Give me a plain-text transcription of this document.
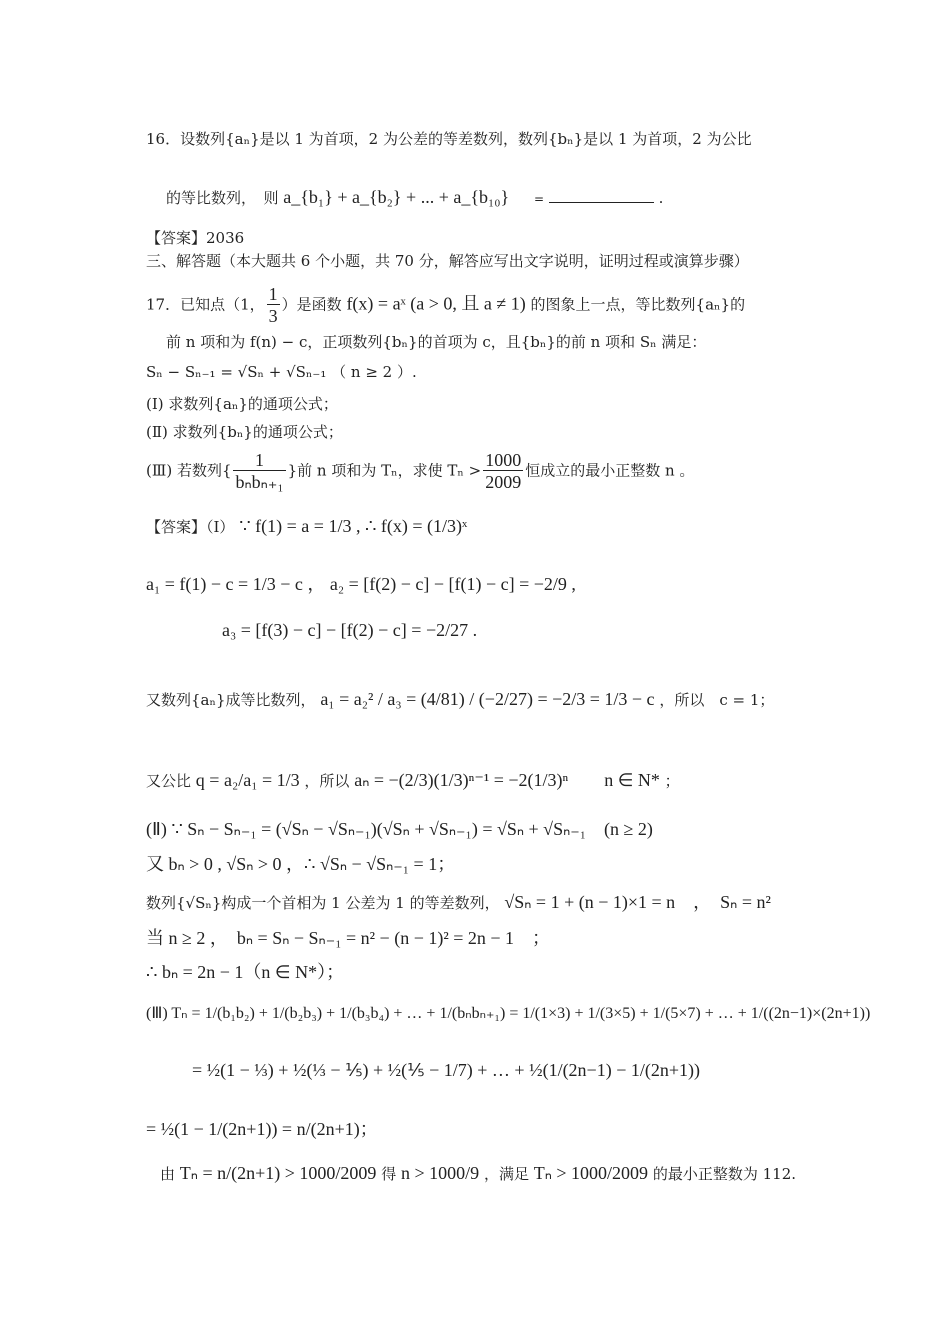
16．设数列{aₙ}是以 1 为首项，2 为公差的等差数列，数列{bₙ}是以 1 为首项，2 为公比
的等比数列，　则 a_{b₁} + a_{b₂} + ... + a_{b₁₀} =	.
【答案】2036
三、解答题（本大题共 6 个小题，共 70 分，解答应写出文字说明，证明过程或演算步骤）
17．已知点（1， $\frac{1}{3}$ ）是函数 f(x) = aˣ (a > 0, 且 a ≠ 1) 的图象上一点，等比数列{aₙ}的
前 n 项和为 f(n) − c，正项数列{bₙ}的首项为 c，且{bₙ}的前 n 项和 Sₙ 满足：
Sₙ − Sₙ₋₁ = √Sₙ + √Sₙ₋₁ （ n ≥ 2 ）.
(Ⅰ) 求数列{aₙ}的通项公式；
(Ⅱ) 求数列{bₙ}的通项公式；
(Ⅲ) 若数列{ $\frac{1}{\text{bₙbₙ₊₁}}$ }前 n 项和为 Tₙ，求使 $T_n > \frac{1000}{2009}$ 恒成立的最小正整数 n 。
【答案】（Ⅰ） ∵ f(1) = a = 1/3 , ∴ f(x) = (1/3)ˣ
a₁ = f(1) − c = 1/3 − c ， a₂ = [f(2) − c] − [f(1) − c] = −2/9 ,
a₃ = [f(3) − c] − [f(2) − c] = −2/27 .
又数列{aₙ}成等比数列， a₁ = a₂² / a₃ = (4/81) / (−2/27) = −2/3 = 1/3 − c ，所以　c = 1；
又公比 q = a₂/a₁ = 1/3 ，所以 aₙ = −(2/3)(1/3)ⁿ⁻¹ = −2(1/3)ⁿ　　n ∈ N* ；
(Ⅱ) ∵ Sₙ − Sₙ₋₁ = (√Sₙ − √Sₙ₋₁)(√Sₙ + √Sₙ₋₁) = √Sₙ + √Sₙ₋₁　(n ≥ 2)
又 bₙ > 0 , √Sₙ > 0 ，∴ √Sₙ − √Sₙ₋₁ = 1；
数列{√Sₙ}构成一个首相为 1 公差为 1 的等差数列， √Sₙ = 1 + (n − 1)×1 = n　，　Sₙ = n²
当 n ≥ 2 ，　bₙ = Sₙ − Sₙ₋₁ = n² − (n − 1)² = 2n − 1　；
∴ bₙ = 2n − 1（n ∈ N*）；
(Ⅲ) Tₙ = 1/(b₁b₂) + 1/(b₂b₃) + 1/(b₃b₄) + … + 1/(bₙbₙ₊₁) = 1/(1×3) + 1/(3×5) + 1/(5×7) + … + 1/((2n−1)×(2n+1))
= ½(1 − ⅓) + ½(⅓ − ⅕) + ½(⅕ − 1/7) + … + ½(1/(2n−1) − 1/(2n+1))
= ½(1 − 1/(2n+1)) = n/(2n+1)；
由 Tₙ = n/(2n+1) > 1000/2009 得 n > 1000/9 ，满足 Tₙ > 1000/2009 的最小正整数为 112.
